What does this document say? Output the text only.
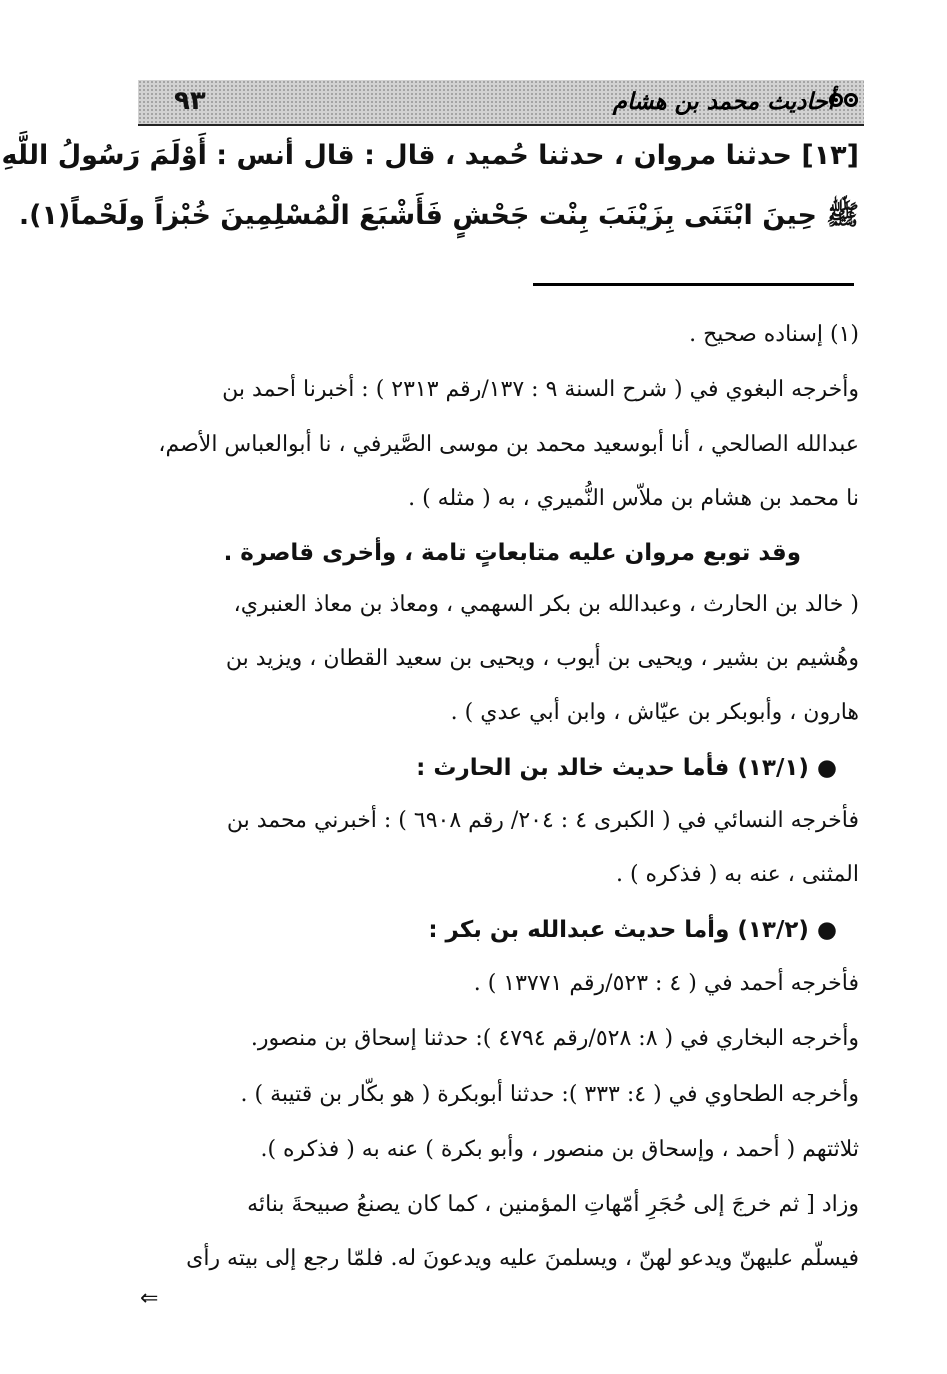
أحاديث محمد بن هشام
٩٣
[١٣] حدثنا مروان ، حدثنا حُميد ، قال : قال أنس : أَوْلَمَ رَسُولُ اللَّهِ
ﷺ حِينَ ابْتَنَى بِزَيْنَبَ بِنْت جَحْشٍ فَأَشْبَعَ الْمُسْلِمِينَ خُبْزاً ولَحْماً(١).
(١) إسناده صحيح .
وأخرجه البغوي في ( شرح السنة ٩ : ١٣٧/رقم ٢٣١٣ ) : أخبرنا أحمد بن
عبدالله الصالحي ، أنا أبوسعيد محمد بن موسى الصَّيرفي ، نا أبوالعباس الأصم،
نا محمد بن هشام بن ملاّس النُّميري ، به ( مثله ) .
وقد توبع مروان عليه متابعاتٍ تامة ، وأخرى قاصرة .
( خالد بن الحارث ، وعبدالله بن بكر السهمي ، ومعاذ بن معاذ العنبري،
وهُشيم بن بشير ، ويحيى بن أيوب ، ويحيى بن سعيد القطان ، ويزيد بن
هارون ، وأبوبكر بن عيّاش ، وابن أبي عدي ) .
● (١٣/١) فأما حديث خالد بن الحارث :
فأخرجه النسائي في ( الكبرى ٤ : ٢٠٤/ رقم ٦٩٠٨ ) : أخبرني محمد بن
المثنى ، عنه به ( فذكره ) .
● (١٣/٢) وأما حديث عبدالله بن بكر :
فأخرجه أحمد في ( ٤ : ٥٢٣/رقم ١٣٧٧١ ) .
وأخرجه البخاري في ( ٨: ٥٢٨/رقم ٤٧٩٤ ): حدثنا إسحاق بن منصور.
وأخرجه الطحاوي في ( ٤: ٣٣٣ ): حدثنا أبوبكرة ( هو بكّار بن قتيبة ) .
ثلاثتهم ( أحمد ، وإسحاق بن منصور ، وأبو بكرة ) عنه به ( فذكره ).
وزاد [ ثم خرجَ إلى حُجَرِ أمّهاتِ المؤمنين ، كما كان يصنعُ صبيحةَ بنائه
فيسلّم عليهنّ ويدعو لهنّ ، ويسلمنَ عليه ويدعونَ له. فلمّا رجع إلى بيته رأى
⇐
